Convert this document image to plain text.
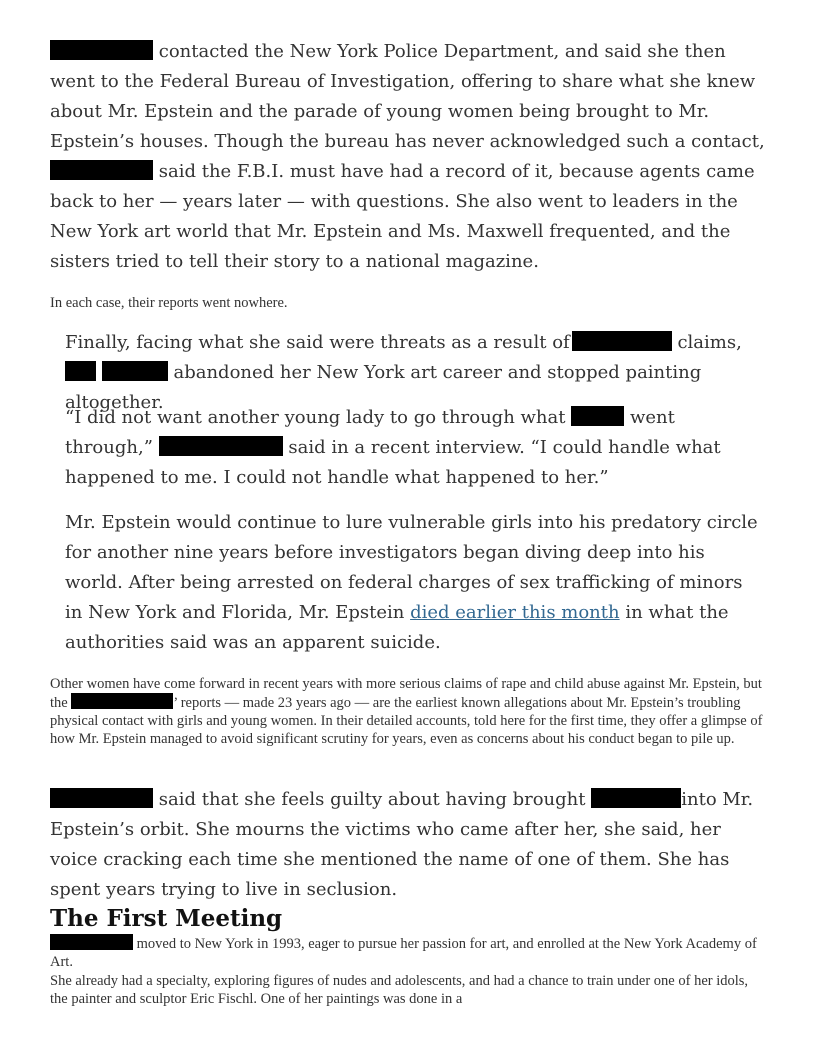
contacted the New York Police Department, and said she then went to the Federal Bureau of Investigation, offering to share what she knew about Mr. Epstein and the parade of young women being brought to Mr. Epstein’s houses. Though the bureau has never acknowledged such a contact,  said the F.B.I. must have had a record of it, because agents came back to her — years later — with questions. She also went to leaders in the New York art world that Mr. Epstein and Ms. Maxwell frequented, and the sisters tried to tell their story to a national magazine.

In each case, their reports went nowhere.

Finally, facing what she said were threats as a result of	claims,   abandoned her New York art career and stopped painting altogether.

“I did not want another young lady to go through what	went through,”	said in a recent interview. “I could handle what happened to me. I could not handle what happened to her.”

Mr. Epstein would continue to lure vulnerable girls into his predatory circle for another nine years before investigators began diving deep into his world. After being arrested on federal charges of sex trafficking of minors in New York and Florida, Mr. Epstein died earlier this month in what the authorities said was an apparent suicide.

Other women have come forward in recent years with more serious claims of rape and child abuse against Mr. Epstein, but the	’ reports — made 23 years ago — are the earliest known allegations about Mr. Epstein’s troubling physical contact with girls and young women. In their detailed accounts, told here for the first time, they offer a glimpse of how Mr. Epstein managed to avoid significant scrutiny for years, even as concerns about his conduct began to pile up.

said that she feels guilty about having brought	into Mr. Epstein’s orbit. She mourns the victims who came after her, she said, her voice cracking each time she mentioned the name of one of them. She has spent years trying to live in seclusion.

The First Meeting

moved to New York in 1993, eager to pursue her passion for art, and enrolled at the New York Academy of Art.

She already had a specialty, exploring figures of nudes and adolescents, and had a chance to train under one of her idols, the painter and sculptor Eric Fischl. One of her paintings was done in a
